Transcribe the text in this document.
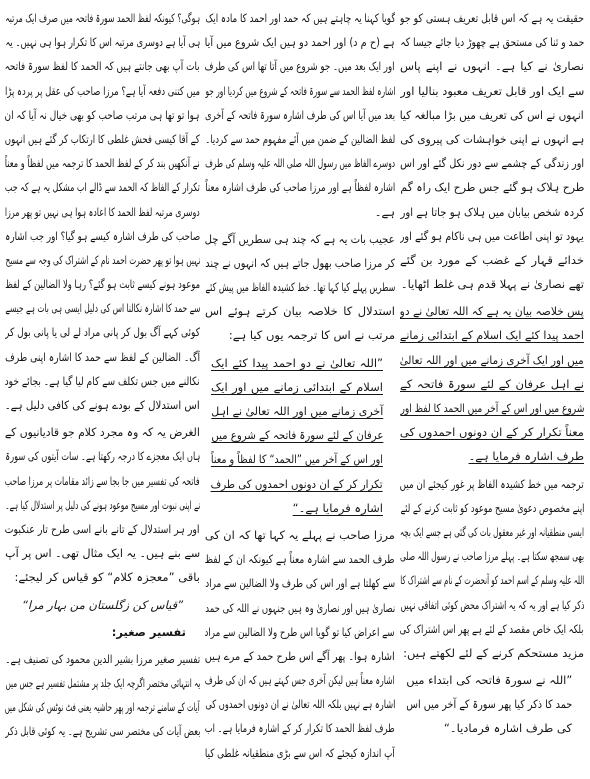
حقیقت یہ ہے کہ اس قابل تعریف ہستی کو جو
حمد و ثنا کی مستحق ہے چھوڑ دیا جائے جیسا کہ
نصاریٰ نے کیا ہے۔ انہوں نے اپنے پاس
سے ایک اور قابل تعریف معبود بنالیا اور
انہوں نے اس کی تعریف میں بڑا مبالغہ کیا
ہے انہوں نے اپنی خواہشات کی پیروی کی
اور زندگی کے چشمے سے دور نکل گئے اور اس
طرح ہلاک ہو گئے جس طرح ایک راہ گم
کردہ شخص بیابان میں ہلاک ہو جاتا ہے اور
یہود تو اپنی اطاعت میں ہی ناکام ہو گئے اور
خدائے قہار کے غضب کے مورد بن گئے
تھے نصاریٰ نے پہلا قدم ہی غلط اٹھایا۔
پس خلاصہ بیان یہ ہے کہ اللہ تعالیٰ نے دو
احمد پیدا کئے ایک اسلام کے ابتدائی زمانے
میں اور ایک آخری زمانے میں اور اللہ تعالیٰ
نے اہل عرفان کے لئے سورۃ فاتحہ کے
شروع میں اور اس کے آخر میں الحمد کا لفظ اور
معناً تکرار کر کے ان دونوں احمدوں کی
طرف اشارہ فرمایا ہے۔
ترجمہ میں خط کشیدہ الفاظ پر غور کیجئے ان میں
اپنے مخصوص دعویٰ مسیح موعود کو ثابت کرنے کے لئے
ایسی منطقیانہ اور غیر معقول بات کی گئی ہے جسے ایک بچہ
بھی سمجھ سکتا ہے۔ پہلے مرزا صاحب نے رسول اللہ صلی
اللہ علیہ وسلم کے اسم احمد کو آنحضرت کے نام سے اشتراک کا
ذکر کیا ہے اور یہ کہ یہ اشتراک محض کوئی اتفاقی نہیں
بلکہ ایک خاص مقصد کے لئے ہے پھر اس اشتراک کی
مزید مستحکم کرنے کے لئے لکھتے ہیں:
”اللہ نے سورۃ فاتحہ کی ابتداء میں
حمد کا ذکر کیا پھر سورۃ کے آخر میں اس
کی طرف اشارہ فرمادیا۔“
گویا کہنا یہ چاہتے ہیں کہ حمد اور احمد کا مادہ ایک
ہے (ح م د) اور احمد دو ہیں ایک شروع میں آیا
اور ایک بعد میں۔ جو شروع میں آتا تھا اس کی طرف
اشارہ لفظ الحمد سے سورۃ فاتحہ کے شروع میں کردیا اور جو
بعد میں آیا اس کی طرف اشارہ سورۃ فاتحہ کے آخری
لفظ الضالین کے ضمن میں آئے مفہوم حمد سے کردیا۔
دوسرے الفاظ میں رسول اللہ صلی اللہ علیہ وسلم کی طرف
اشارہ لفظاً ہے اور مرزا صاحب کی طرف اشارہ معناً
ہے۔
عجیب بات یہ ہے کہ چند ہی سطریں آگے چل
کر مرزا صاحب بھول جاتے ہیں کہ انہوں نے چند
سطریں پہلے کیا کہا تھا۔ خط کشیدہ الفاظ میں پیش کئے
استدلال کا خلاصہ بیان کرتے ہوئے اس
مرتب نے اس کا ترجمہ یوں کیا ہے:
”اللہ تعالیٰ نے دو احمد پیدا کئے ایک
اسلام کے ابتدائی زمانے میں اور ایک
آخری زمانے میں اور اللہ تعالیٰ نے اہل
عرفان کے لئے سورۃ فاتحہ کے شروع میں
اور اس کے آخر میں ”الحمد“ کا لفظاً و معناً
تکرار کر کے ان دونوں احمدوں کی طرف
اشارہ فرمایا ہے۔“
مرزا صاحب نے پہلے یہ کہا تھا کہ ان کی
طرف الحمد سے اشارہ معناً ہے کیونکہ ان کے لفظ
سے کھلتا ہے اور اس کی طرف ولا الضالین سے مراد
نصاریٰ ہیں اور نصاریٰ وہ ہیں جنہوں نے اللہ کی حمد
سے اعراض کیا تو گویا اس طرح ولا الضالین سے مراد
اشارہ ہوا۔ پھر آگے اس طرح حمد کے مرے ہیں
اشارہ معناً ہیں لیکن آخری جس کہتے ہیں کہ ان کی طرف
اشارہ ہے نہیں بلکہ اللہ تعالیٰ نے ان دونوں احمدوں کی
طرف لفظ الحمد کا تکرار کر کے اشارہ فرمایا ہے۔ اب
آپ اندازہ کیجئے کہ اس سے بڑی منطقیانہ غلطی کیا
ہوگی؟ کیونکہ لفظ الحمد سورۃ فاتحہ میں صرف ایک مرتبہ
ہی آیا ہے دوسری مرتبہ اس کا تکرار ہوا ہی نہیں۔ یہ
بات آپ بھی جانتے ہیں کہ الحمد کا لفظ سورۃ فاتحہ
میں کتنی دفعہ آیا ہے؟ مرزا صاحب کی عقل پر پردہ پڑا
ہوا تو تھا ہی مرتب صاحب کو بھی خیال نہ آیا کہ ان
کے آقا کیسی فحش غلطی کا ارتکاب کر گئے ہیں انہوں
نے آنکھیں بند کر کے لفظ الحمد کا ترجمہ میں لفظاً و معناً
تکرار کے الفاظ کہ الحمد سے ڈالے اب مشکل یہ ہے کہ جب
دوسری مرتبہ لفظ الحمد کا اعادہ ہوا ہی نہیں تو پھر مرزا
صاحب کی طرف اشارہ کیسے ہو گیا؟ اور جب اشارہ
نہیں ہوا تو پھر حضرت احمد نام کے اشتراک کی وجہ سے مسیح
موعود ہونے کیسے ثابت ہو گئے؟ رہا ولا الضالین کے لفظ
سے حمد کا اشارہ نکالنا اس کی دلیل ایسی ہی بات ہے جیسے
کوئی کہے آگ بول کر پانی مراد لے لی یا پانی بول کر
آگ۔ الضالین کے لفظ سے حمد کا اشارہ اپنی طرف
نکالنے میں جس تکلف سے کام لیا گیا ہے۔ بجائے خود
اس استدلال کے بودے ہونے کی کافی دلیل ہے۔
الغرض یہ کہ وہ مجرد کلام جو قادیانیوں کے
ہاں ایک معجزے کا درجہ رکھتا ہے۔ سات آیتوں کی سورۃ
فاتحہ کی تفسیر میں جا بجا سے زائد مقامات پر مرزا صاحب
نے اپنی نبوت اور مسیح موعود ہونے کی دلیل پر استدلال کیا ہے۔
اور ہر استدلال کے تانے بانے اسی طرح تار عنکبوت
سے بنے ہیں۔ یہ ایک مثال تھی۔ اس پر آپ
باقی ”معجزہ کلام“ کو قیاس کر لیجئے:
”قیاس کن زگلستان من بہار مرا“
تفسیر صغیر:
تفسیر صغیر مرزا بشیر الدین محمود کی تصنیف ہے۔
یہ انتہائی مختصر اگرچہ ایک جلد پر مشتمل تفسیر ہے جس میں
آیات کے سامنے ترجمہ اور پھر حاشیہ یعنی فٹ نوٹس کی شکل میں
بعض آیات کی مختصر سی تشریح ہے۔ یہ کوئی قابل ذکر
